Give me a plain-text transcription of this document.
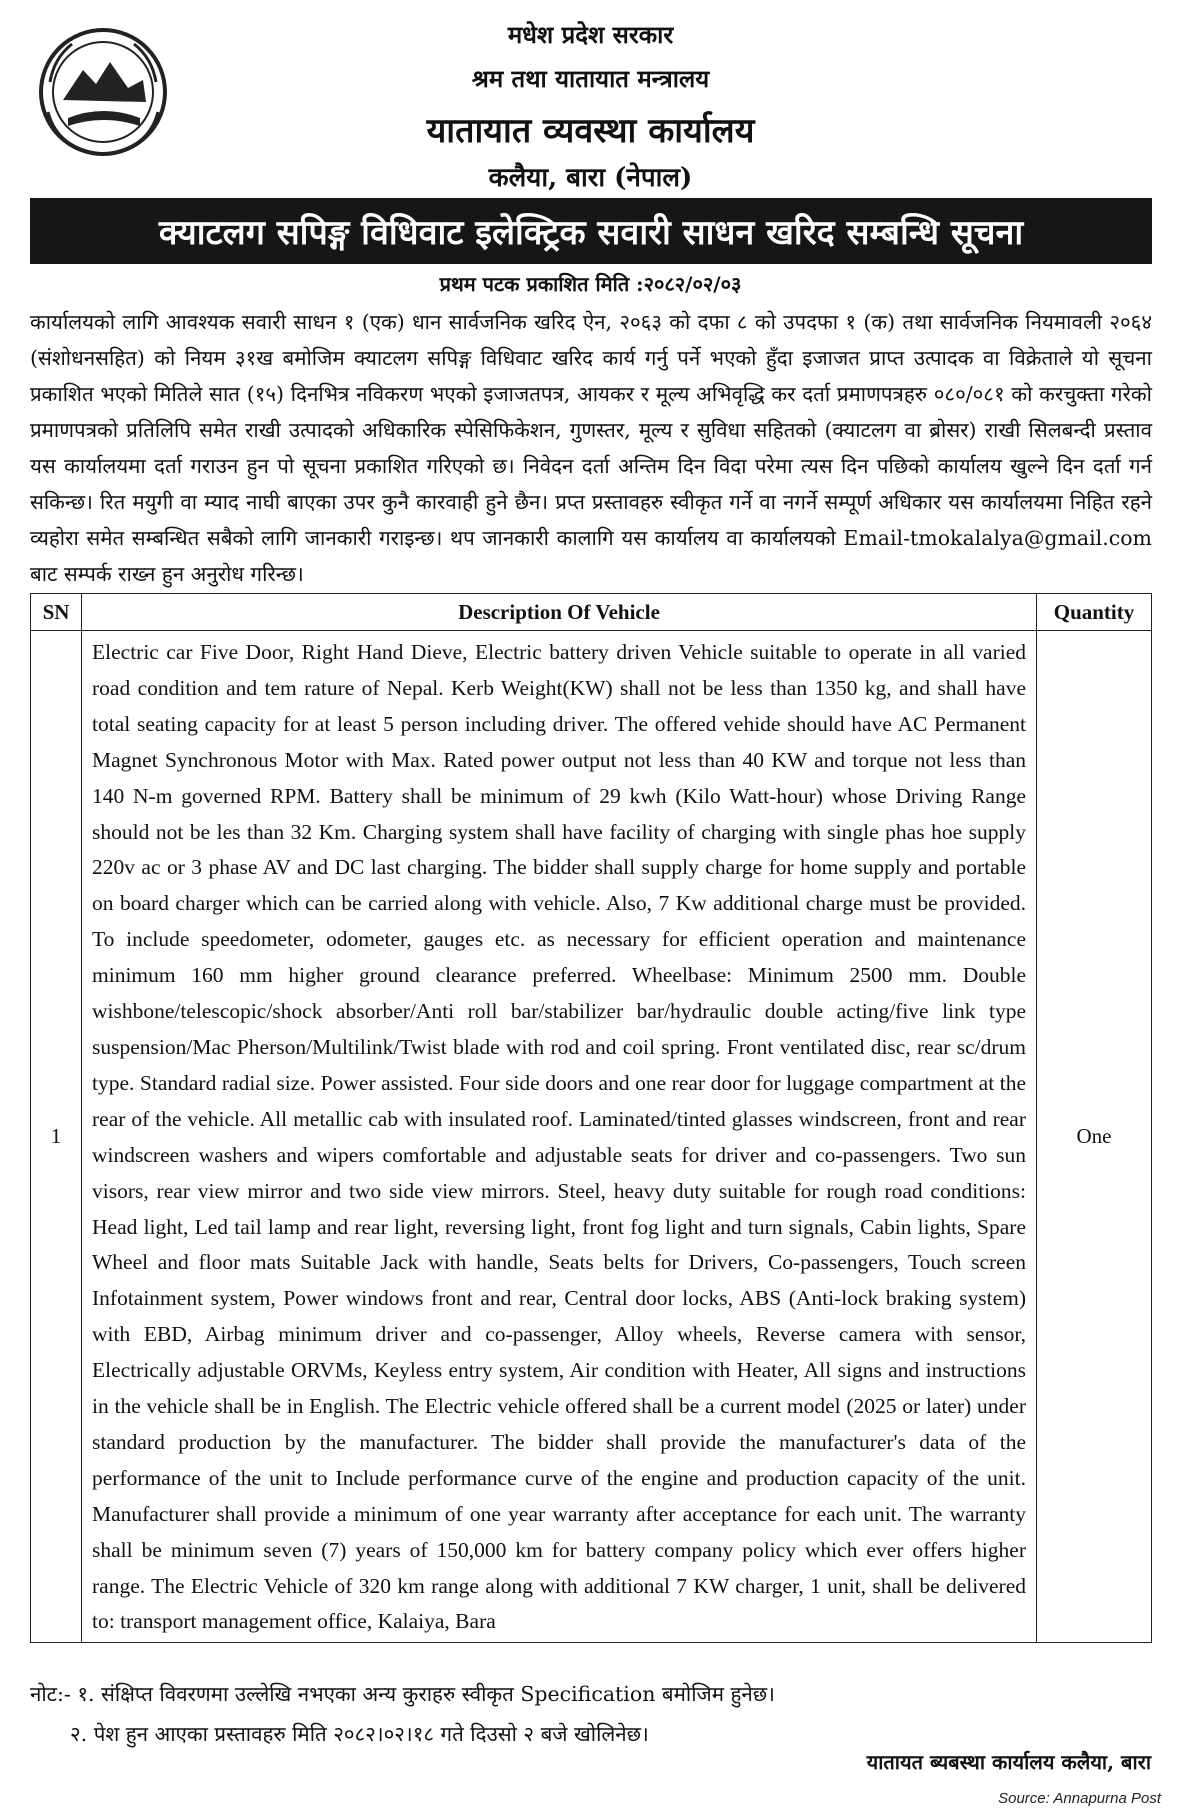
मधेश प्रदेश सरकार
श्रम तथा यातायात मन्त्रालय
यातायात व्यवस्था कार्यालय
कलैया, बारा (नेपाल)
क्याटलग सपिङ्ग विधिवाट इलेक्ट्रिक सवारी साधन खरिद सम्बन्धि सूचना
प्रथम पटक प्रकाशित मिति :२०८२/०२/०३

कार्यालयको लागि आवश्यक सवारी साधन १ (एक) धान सार्वजनिक खरिद ऐन, २०६३ को दफा ८ को उपदफा १ (क) तथा सार्वजनिक नियमावली २०६४ (संशोधनसहित) को नियम ३१ख बमोजिम क्याटलग सपिङ्ग विधिवाट खरिद कार्य गर्नु पर्ने भएको हुँदा इजाजत प्राप्त उत्पादक वा विक्रेताले यो सूचना प्रकाशित भएको मितिले सात (१५) दिनभित्र नविकरण भएको इजाजतपत्र, आयकर र मूल्य अभिवृद्धि कर दर्ता प्रमाणपत्रहरु ०८०/०८१ को करचुक्ता गरेको प्रमाणपत्रको प्रतिलिपि समेत राखी उत्पादको अधिकारिक स्पेसिफिकेशन, गुणस्तर, मूल्य र सुविधा सहितको (क्याटलग वा ब्रोसर) राखी सिलबन्दी प्रस्ताव यस कार्यालयमा दर्ता गराउन हुन पो सूचना प्रकाशित गरिएको छ। निवेदन दर्ता अन्तिम दिन विदा परेमा त्यस दिन पछिको कार्यालय खुल्ने दिन दर्ता गर्न सकिन्छ। रित मयुगी वा म्याद नाघी बाएका उपर कुनै कारवाही हुने छैन। प्रप्त प्रस्तावहरु स्वीकृत गर्ने वा नगर्ने सम्पूर्ण अधिकार यस कार्यालयमा निहित रहने व्यहोरा समेत सम्बन्धित सबैको लागि जानकारी गराइन्छ। थप जानकारी कालागि यस कार्यालय वा कार्यालयको Email-tmokalalya@gmail.com बाट सम्पर्क राख्न हुन अनुरोध गरिन्छ।

SN	Description Of Vehicle	Quantity
1	Electric car Five Door, Right Hand Dieve, Electric battery driven Vehicle suitable to operate in all varied road condition and tem rature of Nepal. Kerb Weight(KW) shall not be less than 1350 kg, and shall have total seating capacity for at least 5 person including driver. The offered vehide should have AC Permanent Magnet Synchronous Motor with Max. Rated power output not less than 40 KW and torque not less than 140 N-m governed RPM. Battery shall be minimum of 29 kwh (Kilo Watt-hour) whose Driving Range should not be les than 32 Km. Charging system shall have facility of charging with single phas hoe supply 220v ac or 3 phase AV and DC last charging. The bidder shall supply charge for home supply and portable on board charger which can be carried along with vehicle. Also, 7 Kw additional charge must be provided. To include speedometer, odometer, gauges etc. as necessary for efficient operation and maintenance minimum 160 mm higher ground clearance preferred. Wheelbase: Minimum 2500 mm. Double wishbone/telescopic/shock absorber/Anti roll bar/stabilizer bar/hydraulic double acting/five link type suspension/Mac Pherson/Multilink/Twist blade with rod and coil spring. Front ventilated disc, rear sc/drum type. Standard radial size. Power assisted. Four side doors and one rear door for luggage compartment at the rear of the vehicle. All metallic cab with insulated roof. Laminated/tinted glasses windscreen, front and rear windscreen washers and wipers comfortable and adjustable seats for driver and co-passengers. Two sun visors, rear view mirror and two side view mirrors. Steel, heavy duty suitable for rough road conditions: Head light, Led tail lamp and rear light, reversing light, front fog light and turn signals, Cabin lights, Spare Wheel and floor mats Suitable Jack with handle, Seats belts for Drivers, Co-passengers, Touch screen Infotainment system, Power windows front and rear, Central door locks, ABS (Anti-lock braking system) with EBD, Airbag minimum driver and co-passenger, Alloy wheels, Reverse camera with sensor, Electrically adjustable ORVMs, Keyless entry system, Air condition with Heater, All signs and instructions in the vehicle shall be in English. The Electric vehicle offered shall be a current model (2025 or later) under standard production by the manufacturer. The bidder shall provide the manufacturer's data of the performance of the unit to Include performance curve of the engine and production capacity of the unit. Manufacturer shall provide a minimum of one year warranty after acceptance for each unit. The warranty shall be minimum seven (7) years of 150,000 km for battery company policy which ever offers higher range. The Electric Vehicle of 320 km range along with additional 7 KW charger, 1 unit, shall be delivered to: transport management office, Kalaiya, Bara	One
नोट:- १. संक्षिप्त विवरणमा उल्लेखि नभएका अन्य कुराहरु स्वीकृत Specification बमोजिम हुनेछ।
२. पेश हुन आएका प्रस्तावहरु मिति २०८२।०२।१८ गते दिउसो २ बजे खोलिनेछ।
यातायत ब्यबस्था कार्यालय कलैया, बारा
Source: Annapurna Post
